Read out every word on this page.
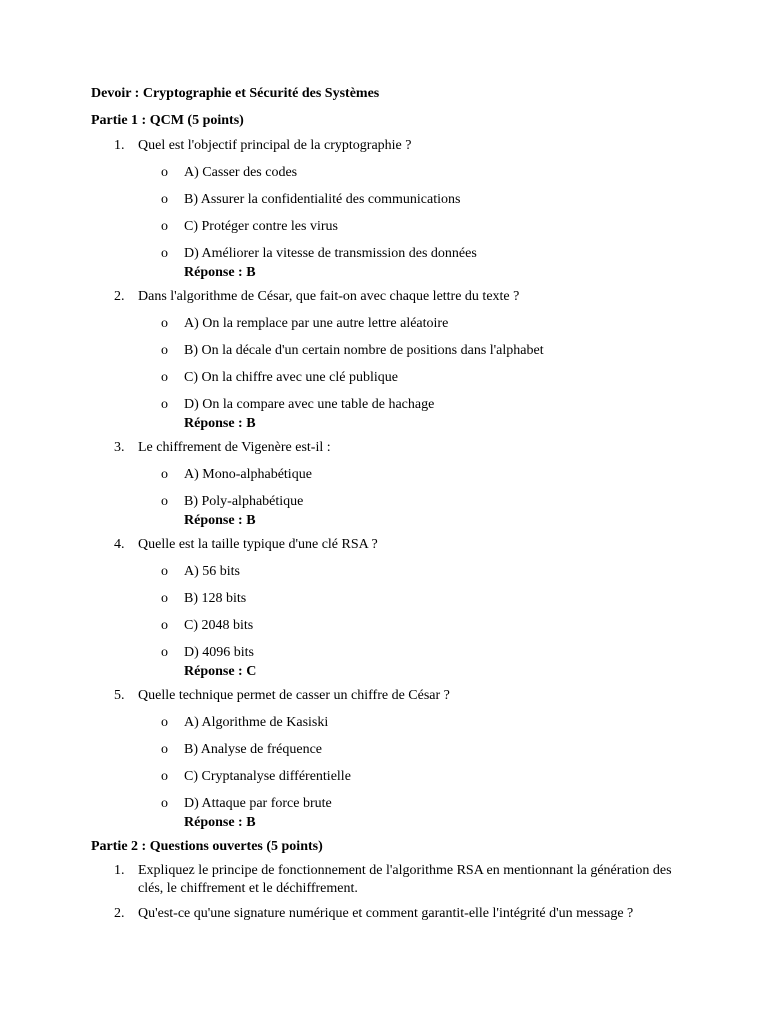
Devoir : Cryptographie et Sécurité des Systèmes
Partie 1 : QCM (5 points)
1. Quel est l'objectif principal de la cryptographie ?
o A) Casser des codes
o B) Assurer la confidentialité des communications
o C) Protéger contre les virus
o D) Améliorer la vitesse de transmission des données
Réponse : B
2. Dans l'algorithme de César, que fait-on avec chaque lettre du texte ?
o A) On la remplace par une autre lettre aléatoire
o B) On la décale d'un certain nombre de positions dans l'alphabet
o C) On la chiffre avec une clé publique
o D) On la compare avec une table de hachage
Réponse : B
3. Le chiffrement de Vigenère est-il :
o A) Mono-alphabétique
o B) Poly-alphabétique
Réponse : B
4. Quelle est la taille typique d'une clé RSA ?
o A) 56 bits
o B) 128 bits
o C) 2048 bits
o D) 4096 bits
Réponse : C
5. Quelle technique permet de casser un chiffre de César ?
o A) Algorithme de Kasiski
o B) Analyse de fréquence
o C) Cryptanalyse différentielle
o D) Attaque par force brute
Réponse : B
Partie 2 : Questions ouvertes (5 points)
1. Expliquez le principe de fonctionnement de l'algorithme RSA en mentionnant la génération des clés, le chiffrement et le déchiffrement.
2. Qu'est-ce qu'une signature numérique et comment garantit-elle l'intégrité d'un message ?
